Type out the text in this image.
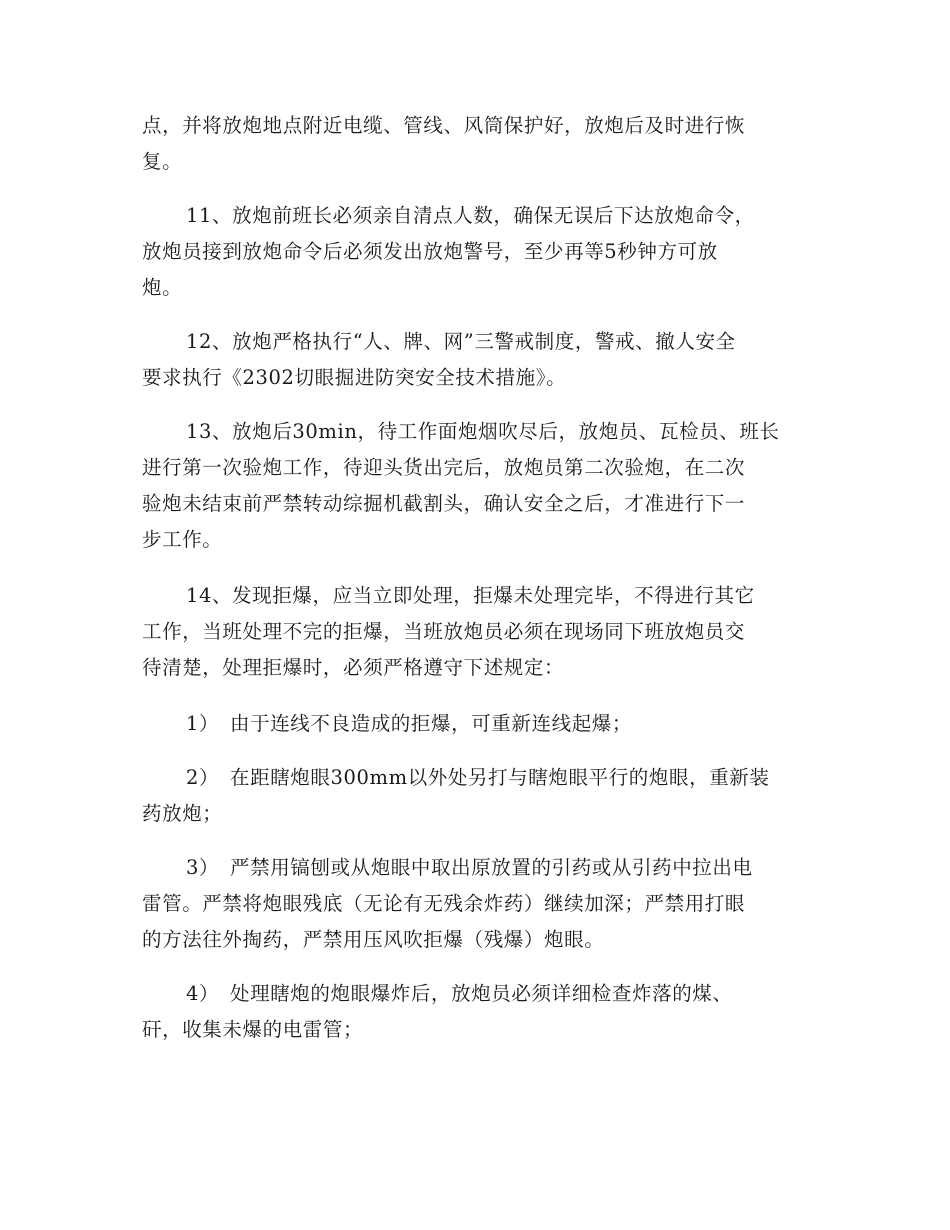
点，并将放炮地点附近电缆、管线、风筒保护好，放炮后及时进行恢
复。
11、放炮前班长必须亲自清点人数，确保无误后下达放炮命令，
放炮员接到放炮命令后必须发出放炮警号，至少再等5秒钟方可放
炮。
12、放炮严格执行“人、牌、网”三警戒制度，警戒、撤人安全
要求执行《2302切眼掘进防突安全技术措施》。
13、放炮后30min，待工作面炮烟吹尽后，放炮员、瓦检员、班长
进行第一次验炮工作，待迎头货出完后，放炮员第二次验炮，在二次
验炮未结束前严禁转动综掘机截割头，确认安全之后，才准进行下一
步工作。
14、发现拒爆，应当立即处理，拒爆未处理完毕，不得进行其它
工作，当班处理不完的拒爆，当班放炮员必须在现场同下班放炮员交
待清楚，处理拒爆时，必须严格遵守下述规定：
1） 由于连线不良造成的拒爆，可重新连线起爆；
2） 在距瞎炮眼300mm以外处另打与瞎炮眼平行的炮眼，重新装
药放炮；
3） 严禁用镐刨或从炮眼中取出原放置的引药或从引药中拉出电
雷管。严禁将炮眼残底（无论有无残余炸药）继续加深；严禁用打眼
的方法往外掏药，严禁用压风吹拒爆（残爆）炮眼。
4） 处理瞎炮的炮眼爆炸后，放炮员必须详细检查炸落的煤、
矸，收集未爆的电雷管；
